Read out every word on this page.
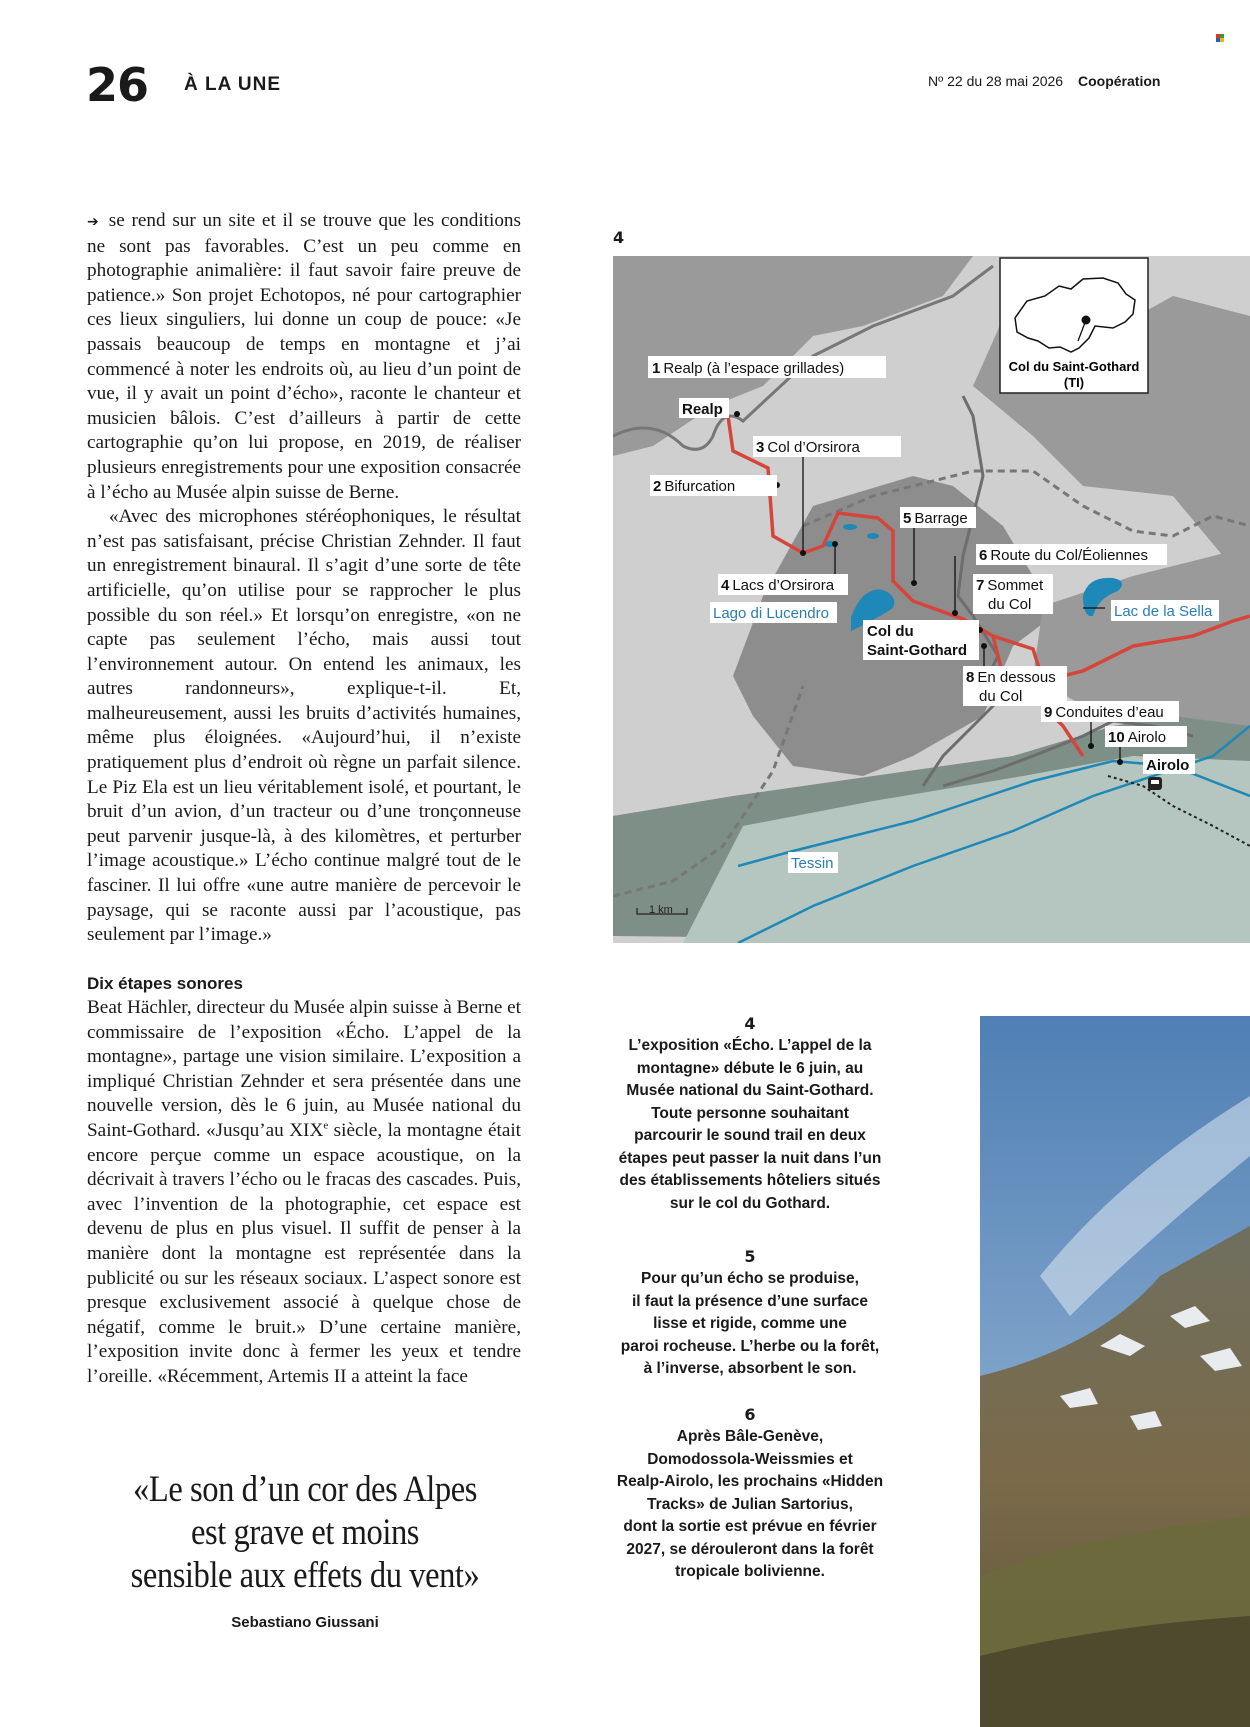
26 À LA UNE	Nº 22 du 28 mai 2026 Coopération

➔ se rend sur un site et il se trouve que les conditions ne sont pas favorables. C’est un peu comme en photographie animalière: il faut savoir faire preuve de patience.» Son projet Echotopos, né pour cartographier ces lieux singuliers, lui donne un coup de pouce: «Je passais beaucoup de temps en montagne et j’ai commencé à noter les endroits où, au lieu d’un point de vue, il y avait un point d’écho», raconte le chanteur et musicien bâlois. C’est d’ailleurs à partir de cette cartographie qu’on lui propose, en 2019, de réaliser plusieurs enregistrements pour une exposition consacrée à l’écho au Musée alpin suisse de Berne.

«Avec des microphones stéréophoniques, le résultat n’est pas satisfaisant, précise Christian Zehnder. Il faut un enregistrement binaural. Il s’agit d’une sorte de tête artificielle, qu’on utilise pour se rapprocher le plus possible du son réel.» Et lorsqu’on enregistre, «on ne capte pas seulement l’écho, mais aussi tout l’environnement autour. On entend les animaux, les autres randonneurs», explique-t-il. Et, malheureusement, aussi les bruits d’activités humaines, même plus éloignées. «Aujourd’hui, il n’existe pratiquement plus d’endroit où règne un parfait silence. Le Piz Ela est un lieu véritablement isolé, et pourtant, le bruit d’un avion, d’un tracteur ou d’une tronçonneuse peut parvenir jusque-là, à des kilomètres, et perturber l’image acoustique.» L’écho continue malgré tout de le fasciner. Il lui offre «une autre manière de percevoir le paysage, qui se raconte aussi par l’acoustique, pas seulement par l’image.»

Dix étapes sonores

Beat Hächler, directeur du Musée alpin suisse à Berne et commissaire de l’exposition «Écho. L’appel de la montagne», partage une vision similaire. L’exposition a impliqué Christian Zehnder et sera présentée dans une nouvelle version, dès le 6 juin, au Musée national du Saint-Gothard. «Jusqu’au XIXe siècle, la montagne était encore perçue comme un espace acoustique, on la décrivait à travers l’écho ou le fracas des cascades. Puis, avec l’invention de la photographie, cet espace est devenu de plus en plus visuel. Il suffit de penser à la manière dont la montagne est représentée dans la publicité ou sur les réseaux sociaux. L’aspect sonore est presque exclusivement associé à quelque chose de négatif, comme le bruit.» D’une certaine manière, l’exposition invite donc à fermer les yeux et tendre l’oreille. «Récemment, Artemis II a atteint la face

«Le son d’un cor des Alpes
est grave et moins
sensible aux effets du vent»
Sebastiano Giussani
4
1 Realp (à l’espace grillades)
Realp
3 Col d’Orsirora
2 Bifurcation
5 Barrage
6 Route du Col/Éoliennes
4 Lacs d’Orsirora	7 Sommet
du Col
Lago di Lucendro	Lac de la Sella
Col du
Saint-Gothard
8 En dessous
du Col
9 Conduites d’eau
10 Airolo
Airolo
Tessin
1 km
Col du Saint-Gothard
(TI)
4
L’exposition «Écho. L’appel de la
montagne» débute le 6 juin, au
Musée national du Saint-Gothard.
Toute personne souhaitant
parcourir le sound trail en deux
étapes peut passer la nuit dans l’un
des établissements hôteliers situés
sur le col du Gothard.
5
Pour qu’un écho se produise,
il faut la présence d’une surface
lisse et rigide, comme une
paroi rocheuse. L’herbe ou la forêt,
à l’inverse, absorbent le son.
6
Après Bâle-Genève,
Domodossola-Weissmies et
Realp-Airolo, les prochains «Hidden
Tracks» de Julian Sartorius,
dont la sortie est prévue en février
2027, se dérouleront dans la forêt
tropicale bolivienne.
